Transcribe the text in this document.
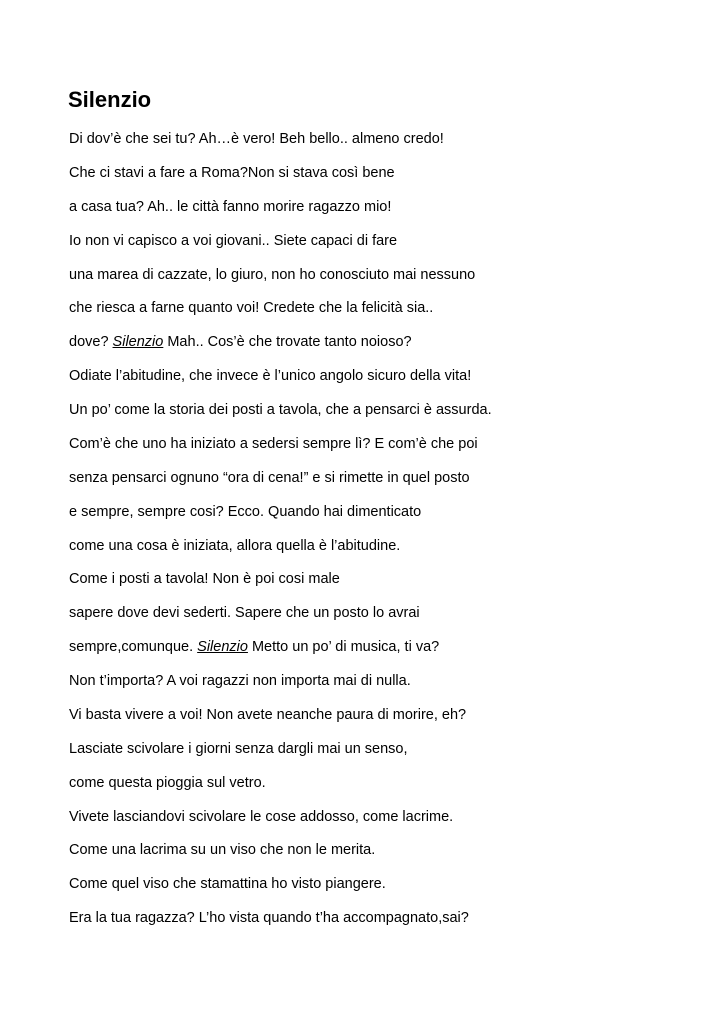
Silenzio
Di dov’è che sei tu? Ah…è vero! Beh bello.. almeno credo!
Che ci stavi a fare a Roma?Non si stava così bene
a casa tua? Ah.. le città fanno morire ragazzo mio!
Io non vi capisco a voi giovani.. Siete capaci di fare
una marea di cazzate, lo giuro, non ho conosciuto mai nessuno
che riesca a farne quanto voi! Credete che la felicità sia..
dove? Silenzio Mah.. Cos’è che trovate tanto noioso?
Odiate l’abitudine, che invece è l’unico angolo sicuro della vita!
Un po’ come la storia dei posti a tavola, che a pensarci è assurda.
Com’è che uno ha iniziato a sedersi sempre lì? E com’è che poi
senza pensarci ognuno “ora di cena!” e si rimette in quel posto
e sempre, sempre cosi? Ecco. Quando hai dimenticato
come una cosa è iniziata, allora quella è l’abitudine.
Come i posti a tavola! Non è poi cosi male
sapere dove devi sederti. Sapere che un posto lo avrai
sempre,comunque. Silenzio Metto un po’ di musica, ti va?
Non t’importa? A voi ragazzi non importa mai di nulla.
Vi basta vivere a voi! Non avete neanche paura di morire, eh?
Lasciate scivolare i giorni senza dargli mai un senso,
come questa pioggia sul vetro.
Vivete lasciandovi scivolare le cose addosso, come lacrime.
Come una lacrima su un viso che non le merita.
Come quel viso che stamattina ho visto piangere.
Era la tua ragazza? L’ho vista quando t’ha accompagnato,sai?
